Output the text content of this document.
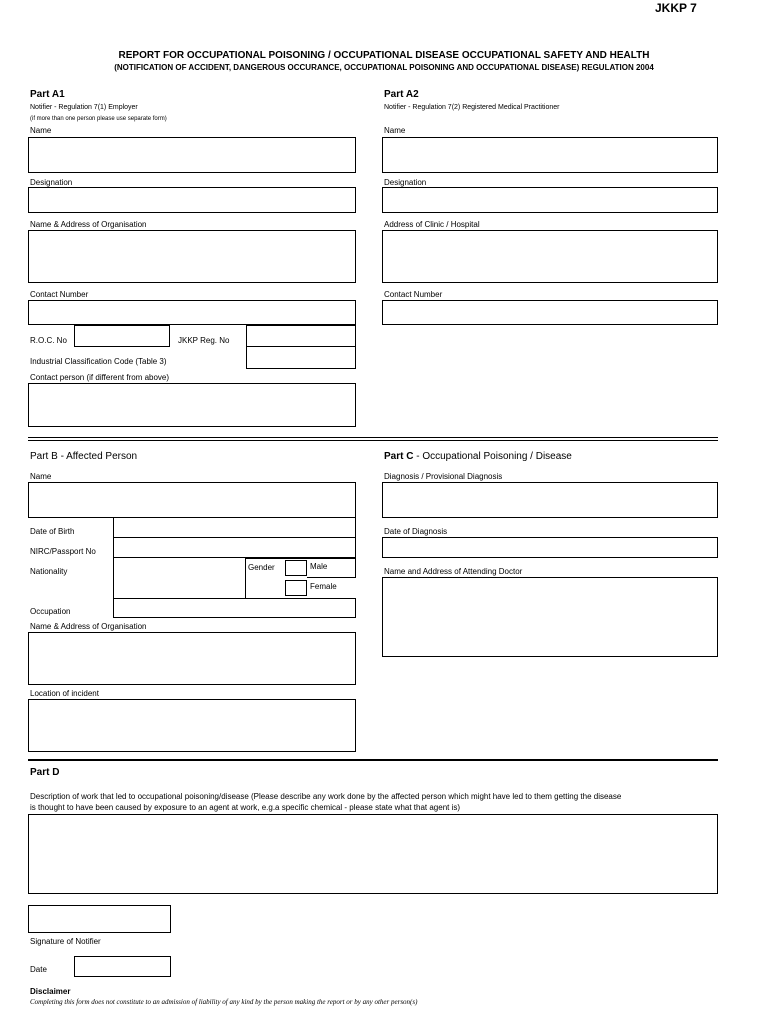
JKKP 7
REPORT FOR OCCUPATIONAL POISONING / OCCUPATIONAL DISEASE OCCUPATIONAL SAFETY AND HEALTH
(NOTIFICATION OF ACCIDENT, DANGEROUS OCCURANCE, OCCUPATIONAL POISONING AND OCCUPATIONAL DISEASE) REGULATION 2004
Part A1
Notifier - Regulation 7(1) Employer
(if more than one person please use separate form)
Name
Designation
Name & Address of Organisation
Contact Number
R.O.C. No	JKKP Reg. No
Industrial Classification Code (Table 3)
Contact person (if different from above)
Part A2
Notifier - Regulation 7(2) Registered Medical Practitioner
Name
Designation
Address of Clinic / Hospital
Contact Number
Part B - Affected Person
Name
Date of Birth
NIRC/Passport No
Nationality	Gender	Male
Female
Occupation
Name & Address of Organisation
Location of incident
Part C - Occupational Poisoning / Disease
Diagnosis / Provisional Diagnosis
Date of Diagnosis
Name and Address of Attending Doctor
Part D
Description of work that led to occupational poisoning/disease (Please describe any work done by the affected person which might have led to them getting the disease
is thought to have been caused by exposure to an agent at work, e.g.a specific chemical - please state what that agent is)
Signature of Notifier
Date
Disclaimer
Completing this form does not constitute to an admission of liability of any kind by the person making the report or by any other person(s)
